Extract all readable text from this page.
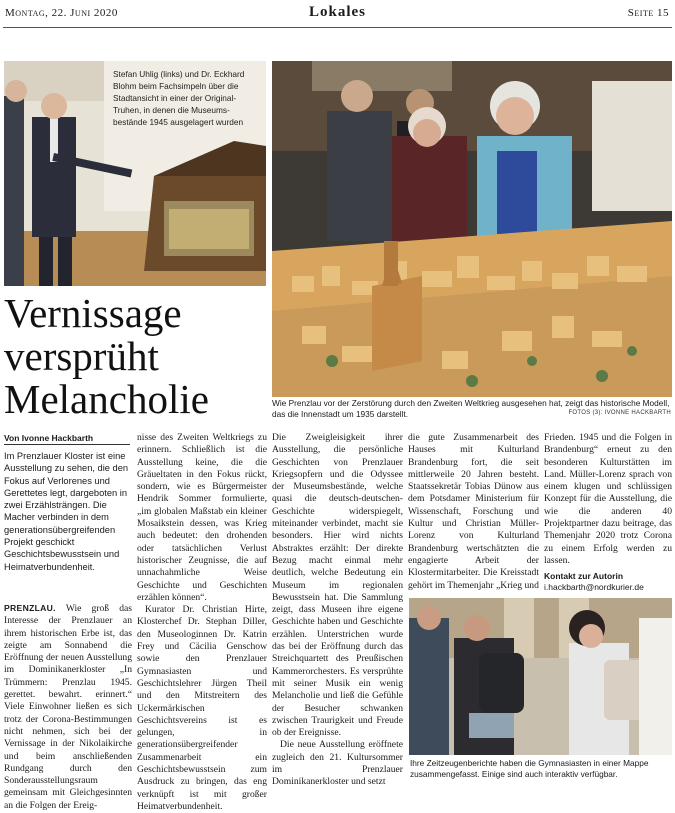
Montag, 22. Juni 2020	Lokales	Seite 15
Stefan Uhlig (links) und Dr. Eckhard Blohm beim Fachsimpeln über die Stadtansicht in einer der Original-Truhen, in denen die Museums-bestände 1945 ausgelagert wurden
Wie Prenzlau vor der Zerstörung durch den Zweiten Weltkrieg ausgesehen hat, zeigt das historische Modell, das die Innenstadt um 1935 darstellt.	FOTOS (3): IVONNE HACKBARTH
Vernissage versprüht Melancholie
Von Ivonne Hackbarth
Im Prenzlauer Kloster ist eine Ausstellung zu sehen, die den Fokus auf Verlorenes und Gerettetes legt, dargeboten in zwei Erzählsträngen. Die Macher verbinden in dem generationsübergreifenden Projekt geschickt Geschichtsbewusstsein und Heimatverbundenheit.

PRENZLAU. Wie groß das Interesse der Prenzlauer an ihrem historischen Erbe ist, das zeigte am Sonnabend die Eröffnung der neuen Ausstellung im Dominikanerkloster „In Trümmern: Prenzlau 1945. gerettet. bewahrt. erinnert.“ Viele Einwohner ließen es sich trotz der Corona-Bestimmungen nicht nehmen, sich bei der Vernissage in der Nikolaikirche und beim anschließenden Rundgang durch den Sonderausstellungsraum gemeinsam mit Gleichgesinnten an die Folgen der Ereig-

nisse des Zweiten Weltkriegs zu erinnern. Schließlich ist die Ausstellung keine, die die Gräueltaten in den Fokus rückt, sondern, wie es Bürgermeister Hendrik Sommer formulierte, „im globalen Maßstab ein kleiner Mosaikstein dessen, was Krieg auch bedeutet: den drohenden oder tatsächlichen Verlust historischer Zeugnisse, die auf unnachahmliche Weise Geschichte und Geschichten erzählen können“.

Kurator Dr. Christian Hirte, Klosterchef Dr. Stephan Diller, den Museologinnen Dr. Katrin Frey und Cäcilia Genschow sowie den Prenzlauer Gymnasiasten und Geschichtslehrer Jürgen Theil und den Mitstreitern des Uckermärkischen Geschichtsvereins ist es gelungen, in generationsübergreifender Zusammenarbeit ein Geschichtsbewusstsein zum Ausdruck zu bringen, das eng verknüpft ist mit großer Heimatverbundenheit.

Die Zweigleisigkeit ihrer Ausstellung, die persönliche Geschichten von Prenzlauer Kriegsopfern und die Odyssee der Museumsbestände, welche quasi die deutsch-deutschen-Geschichte widerspiegelt, miteinander verbindet, macht sie besonders. Hier wird nichts Abstraktes erzählt: Der direkte Bezug macht einmal mehr deutlich, welche Bedeutung ein Museum im regionalen Bewusstsein hat. Die Sammlung zeigt, dass Museen ihre eigene Geschichte haben und Geschichte erzählen. Unterstrichen wurde das bei der Eröffnung durch das Streichquartett des Preußischen Kammerorchesters. Es versprühte mit seiner Musik ein wenig Melancholie und ließ die Gefühle der Besucher schwanken zwischen Traurigkeit und Freude ob der Ereignisse.

Die neue Ausstellung eröffnete zugleich den 21. Kultursommer im Prenzlauer Dominikanerkloster und setzt

die gute Zusammenarbeit des Hauses mit Kulturland Brandenburg fort, die seit mittlerweile 20 Jahren besteht. Staatssekretär Tobias Dünow aus dem Potsdamer Ministerium für Wissenschaft, Forschung und Kultur und Christian Müller-Lorenz von Kulturland Brandenburg wertschätzten die engagierte Arbeit der Klostermitarbeiter. Die Kreisstadt gehört im Themenjahr „Krieg und

Frieden. 1945 und die Folgen in Brandenburg“ erneut zu den besonderen Kulturstätten im Land. Müller-Lorenz sprach von einem klugen und schlüssigen Konzept für die Ausstellung, die wie die anderen 40 Projektpartner dazu beitrage, das Themenjahr 2020 trotz Corona zu einem Erfolg werden zu lassen.

Kontakt zur Autorin
i.hackbarth@nordkurier.de
Ihre Zeitzeugenberichte haben die Gymnasiasten in einer Mappe zusammengefasst. Einige sind auch interaktiv verfügbar.
